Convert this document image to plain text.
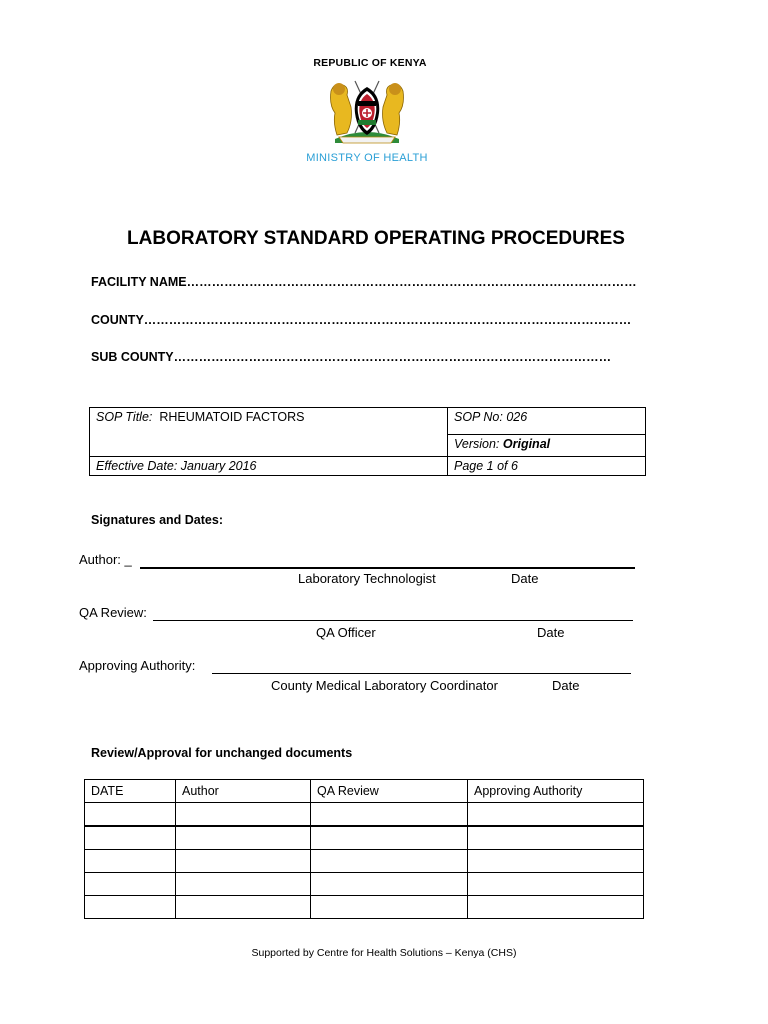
REPUBLIC OF KENYA
MINISTRY OF HEALTH
LABORATORY STANDARD OPERATING PROCEDURES
FACILITY NAME………………………………………………………………………………………………
COUNTY………………………………………………………………………………………………………
SUB COUNTY……………………………………………………………………………………………
SOP Title: RHEUMATOID FACTORS	SOP No: 026
	Version: Original
Effective Date: January 2016	Page 1 of 6
Signatures and Dates:
Author: _
Laboratory Technologist	Date
QA Review:
QA Officer	Date
Approving Authority:
County Medical Laboratory Coordinator	Date
Review/Approval for unchanged documents
DATE	Author	QA Review	Approving Authority

Supported by Centre for Health Solutions – Kenya (CHS)
